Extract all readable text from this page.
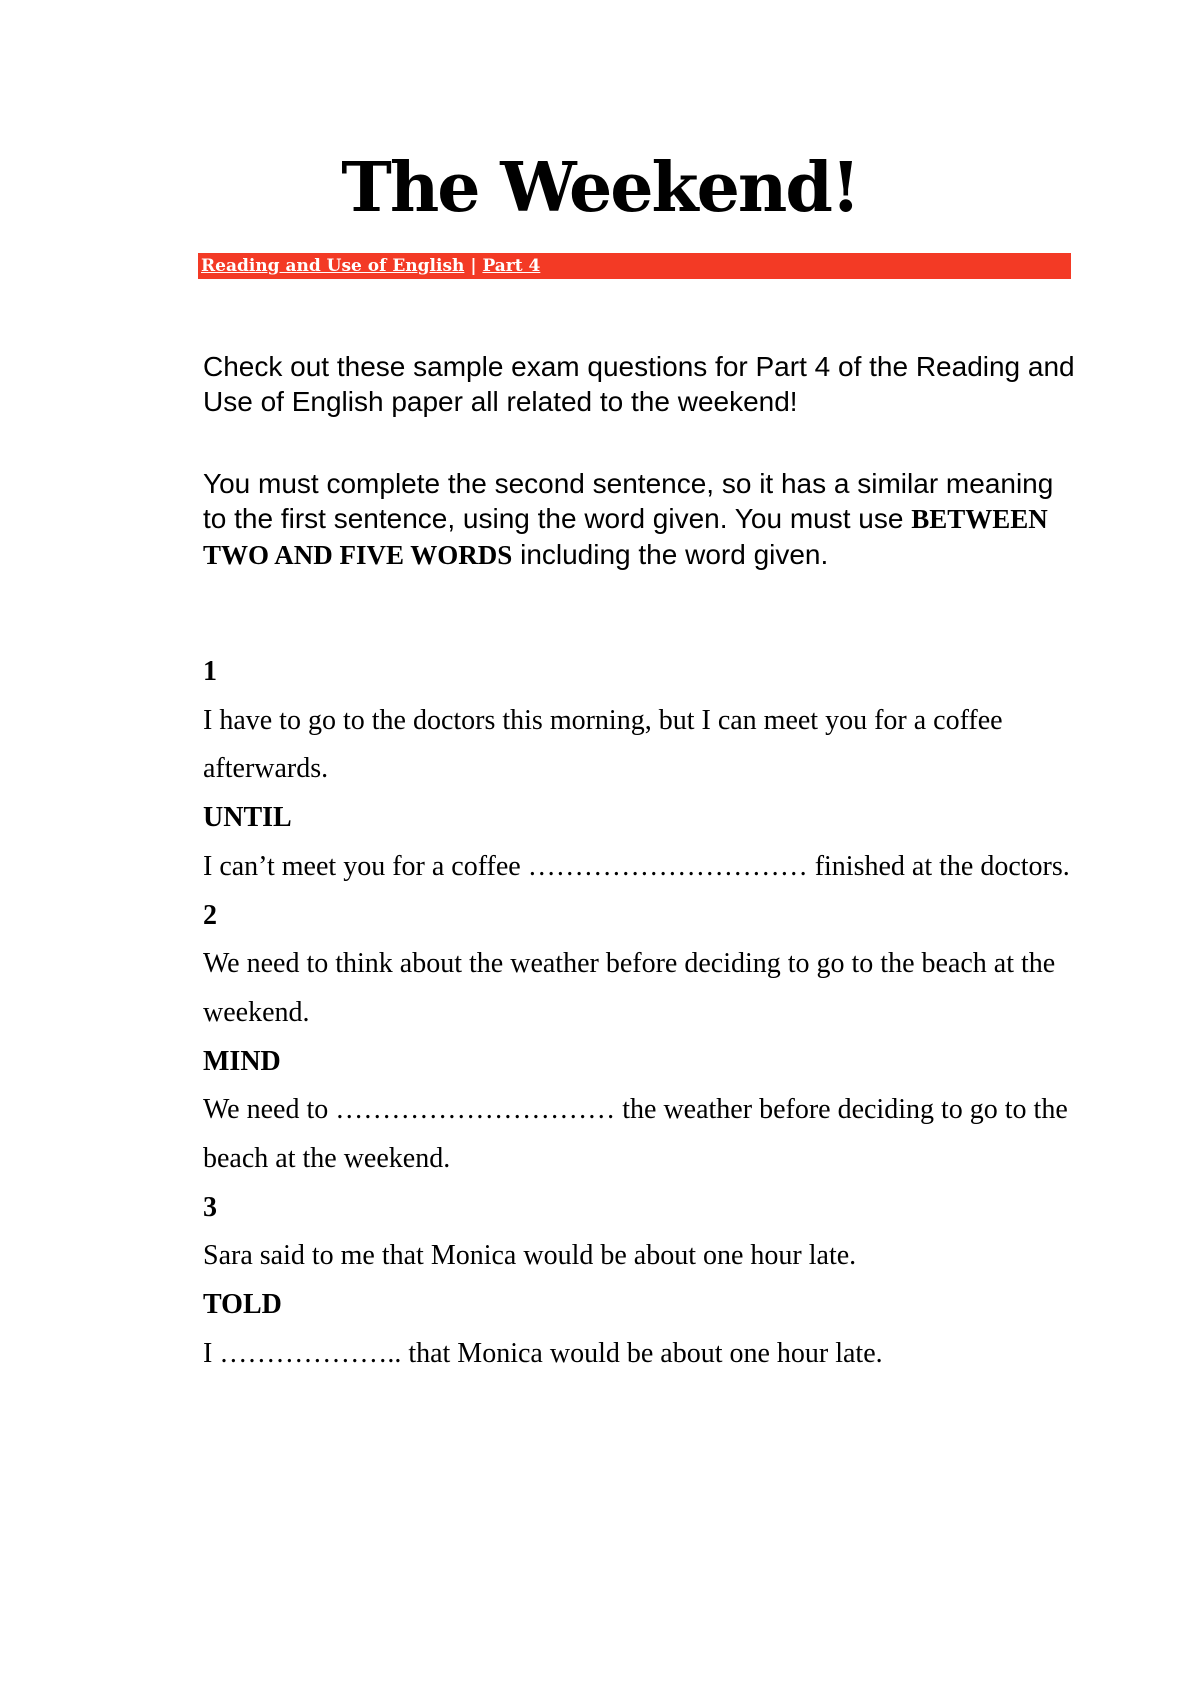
The Weekend!
Reading and Use of English | Part 4

Check out these sample exam questions for Part 4 of the Reading and Use of English paper all related to the weekend!

You must complete the second sentence, so it has a similar meaning to the first sentence, using the word given. You must use BETWEEN TWO AND FIVE WORDS including the word given.

1
I have to go to the doctors this morning, but I can meet you for a coffee afterwards.
UNTIL
I can’t meet you for a coffee ………………………… finished at the doctors.
2
We need to think about the weather before deciding to go to the beach at the weekend.
MIND
We need to ………………………… the weather before deciding to go to the beach at the weekend.
3
Sara said to me that Monica would be about one hour late.
TOLD
I ……………….. that Monica would be about one hour late.
